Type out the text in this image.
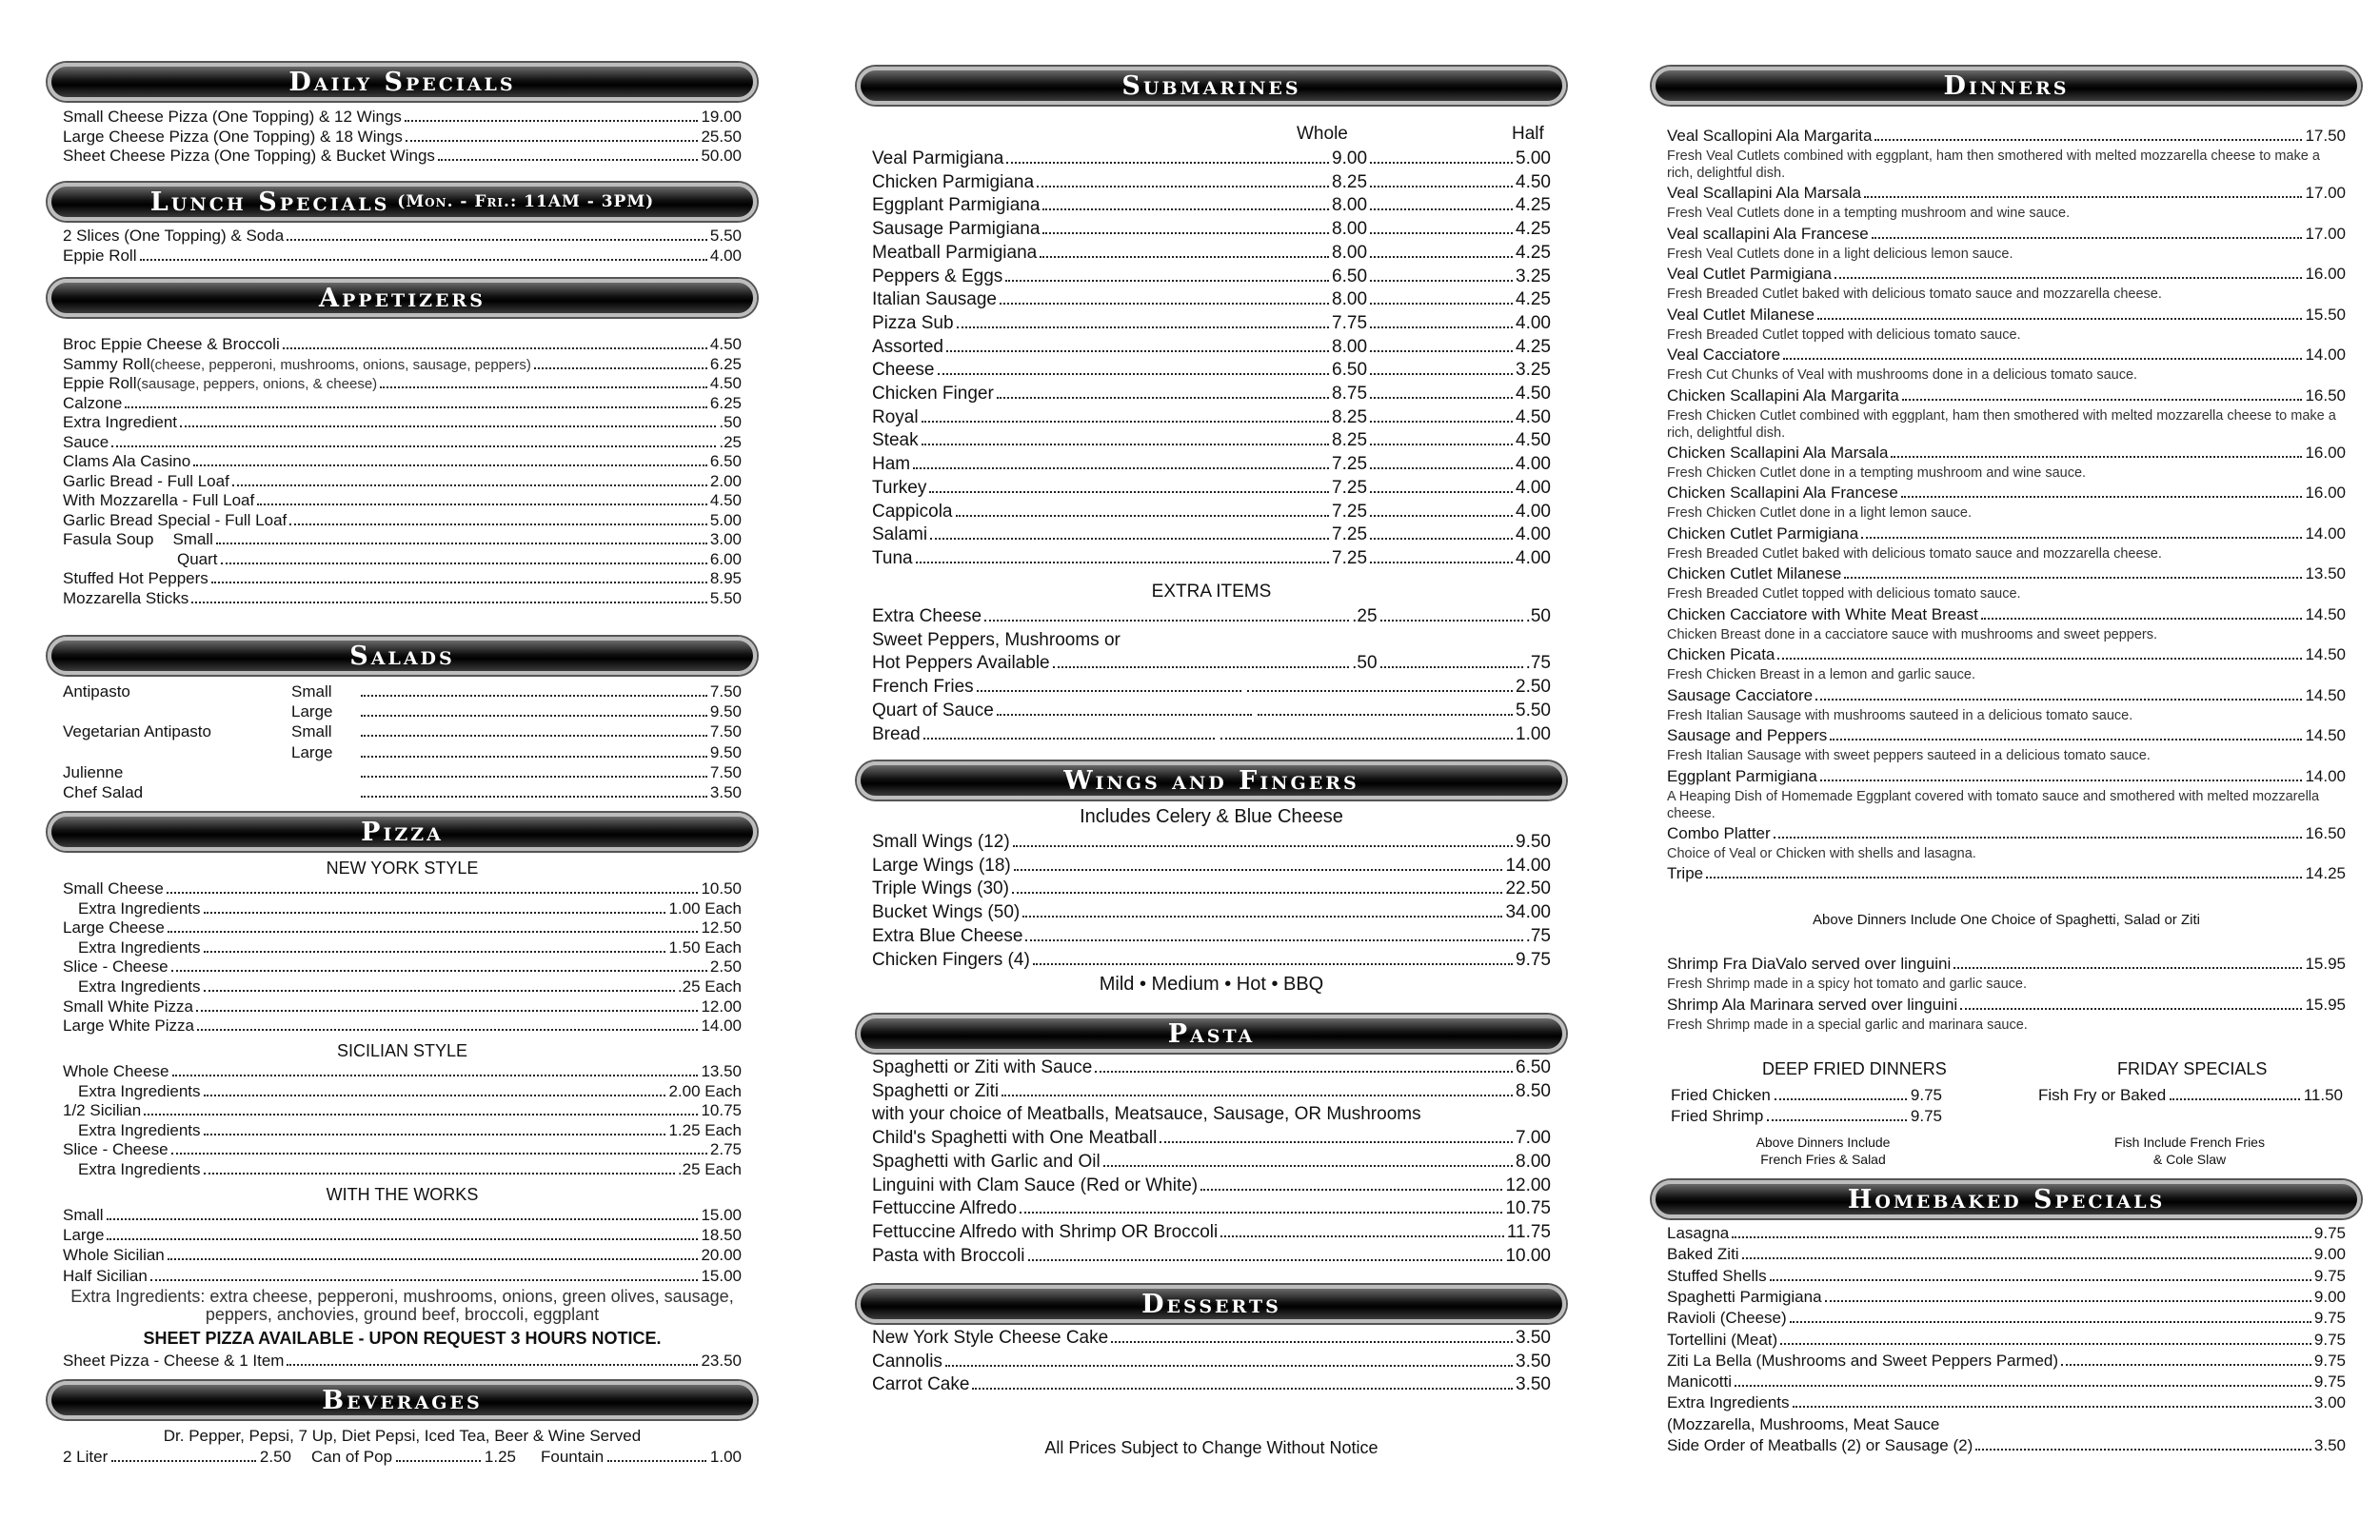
Daily Specials
Small Cheese Pizza (One Topping) & 12 Wings	19.00
Large Cheese Pizza (One Topping) & 18 Wings	25.50
Sheet Cheese Pizza (One Topping) & Bucket Wings	50.00
Lunch Specials (Mon. - Fri.: 11AM - 3PM)
2 Slices (One Topping) & Soda	5.50
Eppie Roll	4.00
Appetizers
Broc Eppie Cheese & Broccoli	4.50
Sammy Roll (cheese, pepperoni, mushrooms, onions, sausage, peppers)	6.25
Eppie Roll (sausage, peppers, onions, & cheese)	4.50
Calzone	6.25
Extra Ingredient	.50
Sauce	.25
Clams Ala Casino	6.50
Garlic Bread - Full Loaf	2.00
With Mozzarella - Full Loaf	4.50
Garlic Bread Special - Full Loaf	5.00
Fasula Soup	Small	3.00
Quart	6.00
Stuffed Hot Peppers	8.95
Mozzarella Sticks	5.50
Salads
Antipasto	Small	7.50
Large	9.50
Vegetarian Antipasto	Small	7.50
Large	9.50
Julienne	7.50
Chef Salad	3.50
Pizza
NEW YORK STYLE
Small Cheese	10.50
Extra Ingredients	1.00 Each
Large Cheese	12.50
Extra Ingredients	1.50 Each
Slice - Cheese	2.50
Extra Ingredients	.25 Each
Small White Pizza	12.00
Large White Pizza	14.00
SICILIAN STYLE
Whole Cheese	13.50
Extra Ingredients	2.00 Each
1/2 Sicilian	10.75
Extra Ingredients	1.25 Each
Slice - Cheese	2.75
Extra Ingredients	.25 Each
WITH THE WORKS
Small	15.00
Large	18.50
Whole Sicilian	20.00
Half Sicilian	15.00
Extra Ingredients: extra cheese, pepperoni, mushrooms, onions, green olives, sausage,
peppers, anchovies, ground beef, broccoli, eggplant
SHEET PIZZA AVAILABLE - UPON REQUEST 3 HOURS NOTICE.
Sheet Pizza - Cheese & 1 Item	23.50
Beverages
Dr. Pepper, Pepsi, 7 Up, Diet Pepsi, Iced Tea, Beer & Wine Served
2 Liter	2.50 Can of Pop	1.25 Fountain	1.00
Submarines
Whole	Half
Veal Parmigiana	9.00	5.00
Chicken Parmigiana	8.25	4.50
Eggplant Parmigiana	8.00	4.25
Sausage Parmigiana	8.00	4.25
Meatball Parmigiana	8.00	4.25
Peppers & Eggs	6.50	3.25
Italian Sausage	8.00	4.25
Pizza Sub	7.75	4.00
Assorted	8.00	4.25
Cheese	6.50	3.25
Chicken Finger	8.75	4.50
Royal	8.25	4.50
Steak	8.25	4.50
Ham	7.25	4.00
Turkey	7.25	4.00
Cappicola	7.25	4.00
Salami	7.25	4.00
Tuna	7.25	4.00
EXTRA ITEMS
Extra Cheese	.25	.50
Sweet Peppers, Mushrooms or
Hot Peppers Available	.50	.75
French Fries	2.50
Quart of Sauce	5.50
Bread	1.00
Wings and Fingers
Includes Celery & Blue Cheese
Small Wings (12)	9.50
Large Wings (18)	14.00
Triple Wings (30)	22.50
Bucket Wings (50)	34.00
Extra Blue Cheese	.75
Chicken Fingers (4)	9.75
Mild • Medium • Hot • BBQ
Pasta
Spaghetti or Ziti with Sauce	6.50
Spaghetti or Ziti	8.50
with your choice of Meatballs, Meatsauce, Sausage, OR Mushrooms
Child's Spaghetti with One Meatball	7.00
Spaghetti with Garlic and Oil	8.00
Linguini with Clam Sauce (Red or White)	12.00
Fettuccine Alfredo	10.75
Fettuccine Alfredo with Shrimp OR Broccoli	11.75
Pasta with Broccoli	10.00
Desserts
New York Style Cheese Cake	3.50
Cannolis	3.50
Carrot Cake	3.50
All Prices Subject to Change Without Notice
Dinners
Veal Scallopini Ala Margarita	17.50
Fresh Veal Cutlets combined with eggplant, ham then smothered with melted mozzarella cheese to make a rich, delightful dish.
Veal Scallapini Ala Marsala	17.00
Fresh Veal Cutlets done in a tempting mushroom and wine sauce.
Veal scallapini Ala Francese	17.00
Fresh Veal Cutlets done in a light delicious lemon sauce.
Veal Cutlet Parmigiana	16.00
Fresh Breaded Cutlet baked with delicious tomato sauce and mozzarella cheese.
Veal Cutlet Milanese	15.50
Fresh Breaded Cutlet topped with delicious tomato sauce.
Veal Cacciatore	14.00
Fresh Cut Chunks of Veal with mushrooms done in a delicious tomato sauce.
Chicken Scallapini Ala Margarita	16.50
Fresh Chicken Cutlet combined with eggplant, ham then smothered with melted mozzarella cheese to make a rich, delightful dish.
Chicken Scallapini Ala Marsala	16.00
Fresh Chicken Cutlet done in a tempting mushroom and wine sauce.
Chicken Scallapini Ala Francese	16.00
Fresh Chicken Cutlet done in a light lemon sauce.
Chicken Cutlet Parmigiana	14.00
Fresh Breaded Cutlet baked with delicious tomato sauce and mozzarella cheese.
Chicken Cutlet Milanese	13.50
Fresh Breaded Cutlet topped with delicious tomato sauce.
Chicken Cacciatore with White Meat Breast	14.50
Chicken Breast done in a cacciatore sauce with mushrooms and sweet peppers.
Chicken Picata	14.50
Fresh Chicken Breast in a lemon and garlic sauce.
Sausage Cacciatore	14.50
Fresh Italian Sausage with mushrooms sauteed in a delicious tomato sauce.
Sausage and Peppers	14.50
Fresh Italian Sausage with sweet peppers sauteed in a delicious tomato sauce.
Eggplant Parmigiana	14.00
A Heaping Dish of Homemade Eggplant covered with tomato sauce and smothered with melted mozzarella cheese.
Combo Platter	16.50
Choice of Veal or Chicken with shells and lasagna.
Tripe	14.25
Above Dinners Include One Choice of Spaghetti, Salad or Ziti
Shrimp Fra DiaValo served over linguini	15.95
Fresh Shrimp made in a spicy hot tomato and garlic sauce.
Shrimp Ala Marinara served over linguini	15.95
Fresh Shrimp made in a special garlic and marinara sauce.
DEEP FRIED DINNERS
Fried Chicken	9.75
Fried Shrimp	9.75
Above Dinners Include
French Fries & Salad
FRIDAY SPECIALS
Fish Fry or Baked	11.50
Fish Include French Fries
& Cole Slaw
Homebaked Specials
Lasagna	9.75
Baked Ziti	9.00
Stuffed Shells	9.75
Spaghetti Parmigiana	9.00
Ravioli (Cheese)	9.75
Tortellini (Meat)	9.75
Ziti La Bella (Mushrooms and Sweet Peppers Parmed)	9.75
Manicotti	9.75
Extra Ingredients	3.00
(Mozzarella, Mushrooms, Meat Sauce
Side Order of Meatballs (2) or Sausage (2)	3.50
